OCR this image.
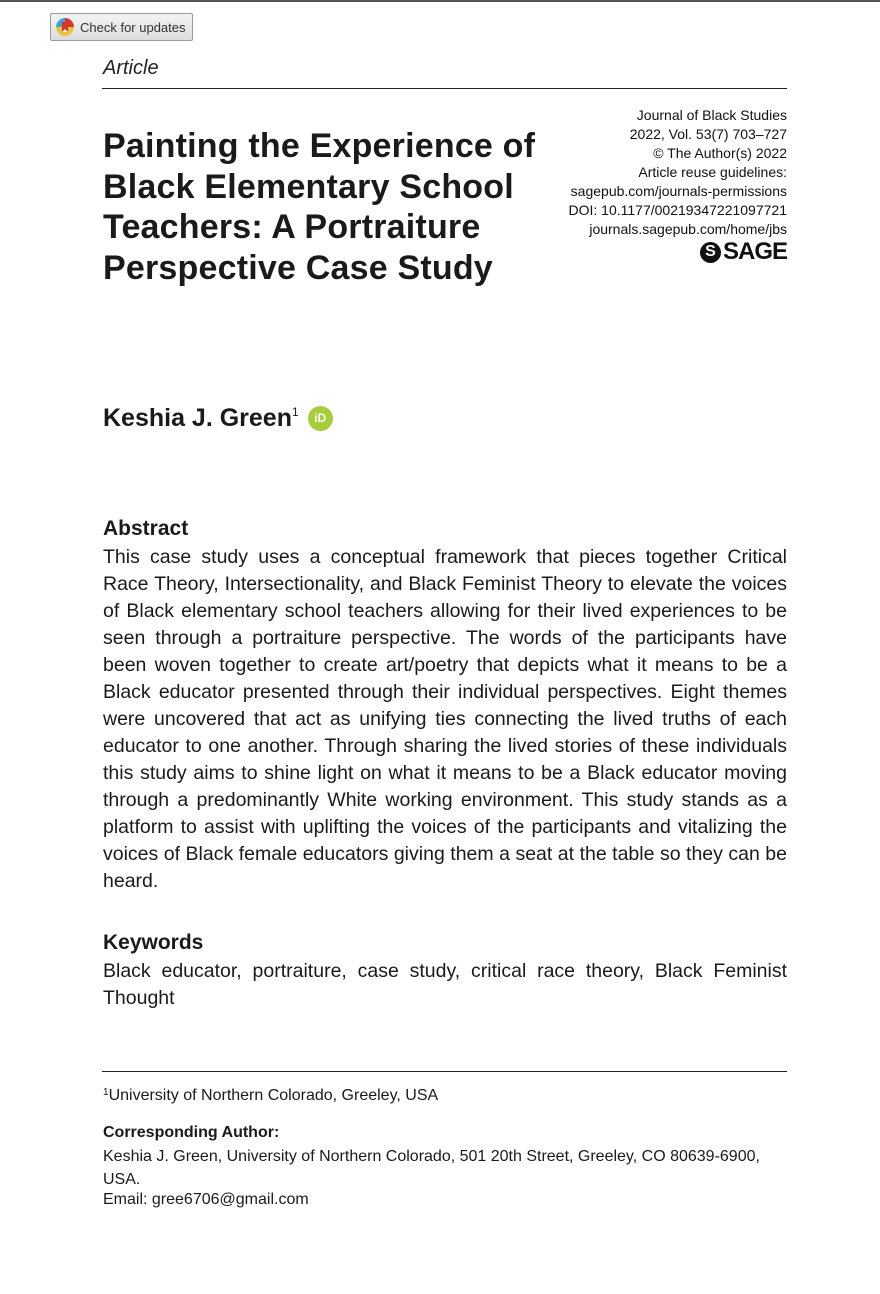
Check for updates
Article
Painting the Experience of Black Elementary School Teachers: A Portraiture Perspective Case Study
Journal of Black Studies
2022, Vol. 53(7) 703–727
© The Author(s) 2022
Article reuse guidelines:
sagepub.com/journals-permissions
DOI: 10.1177/00219347221097721
journals.sagepub.com/home/jbs
S SAGE
Keshia J. Green$^1$ iD
Abstract

This case study uses a conceptual framework that pieces together Critical Race Theory, Intersectionality, and Black Feminist Theory to elevate the voices of Black elementary school teachers allowing for their lived experiences to be seen through a portraiture perspective. The words of the participants have been woven together to create art/poetry that depicts what it means to be a Black educator presented through their individual perspectives. Eight themes were uncovered that act as unifying ties connecting the lived truths of each educator to one another. Through sharing the lived stories of these individuals this study aims to shine light on what it means to be a Black educator moving through a predominantly White working environment. This study stands as a platform to assist with uplifting the voices of the participants and vitalizing the voices of Black female educators giving them a seat at the table so they can be heard.

Keywords

Black educator, portraiture, case study, critical race theory, Black Feminist Thought

$^1$University of Northern Colorado, Greeley, USA
Corresponding Author:

Keshia J. Green, University of Northern Colorado, 501 20th Street, Greeley, CO 80639-6900, USA.

Email: gree6706@gmail.com
